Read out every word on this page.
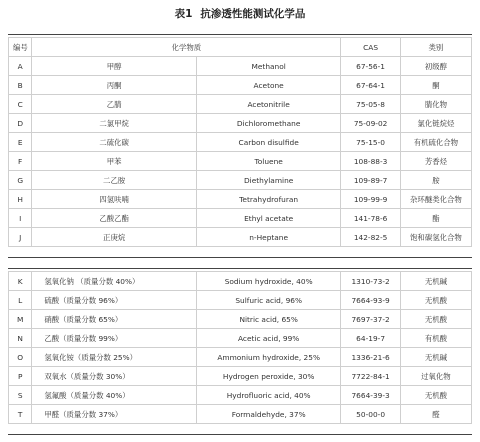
表1 抗渗透性能测试化学品
编号	化学物质		CAS	类别
A	甲醇	Methanol	67-56-1	初级醇
B	丙酮	Acetone	67-64-1	酮
C	乙腈	Acetonitrile	75-05-8	腈化物
D	二氯甲烷	Dichloromethane	75-09-02	氯化链烷烃
E	二硫化碳	Carbon disulfide	75-15-0	有机硫化合物
F	甲苯	Toluene	108-88-3	芳香烃
G	二乙胺	Diethylamine	109-89-7	胺
H	四氢呋喃	Tetrahydrofuran	109-99-9	杂环醚类化合物
I	乙酸乙酯	Ethyl acetate	141-78-6	酯
J	正庚烷	n-Heptane	142-82-5	饱和碳氢化合物
K	氢氧化钠 （质量分数 40%）	Sodium hydroxide, 40%	1310-73-2	无机碱
L	硫酸（质量分数 96%）	Sulfuric acid, 96%	7664-93-9	无机酸
M	硝酸（质量分数 65%）	Nitric acid, 65%	7697-37-2	无机酸
N	乙酸（质量分数 99%）	Acetic acid, 99%	64-19-7	有机酸
O	氢氧化铵（质量分数 25%）	Ammonium hydroxide, 25%	1336-21-6	无机碱
P	双氧水（质量分数 30%）	Hydrogen peroxide, 30%	7722-84-1	过氧化物
S	氢氟酸（质量分数 40%）	Hydrofluoric acid, 40%	7664-39-3	无机酸
T	甲醛（质量分数 37%）	Formaldehyde, 37%	50-00-0	醛
